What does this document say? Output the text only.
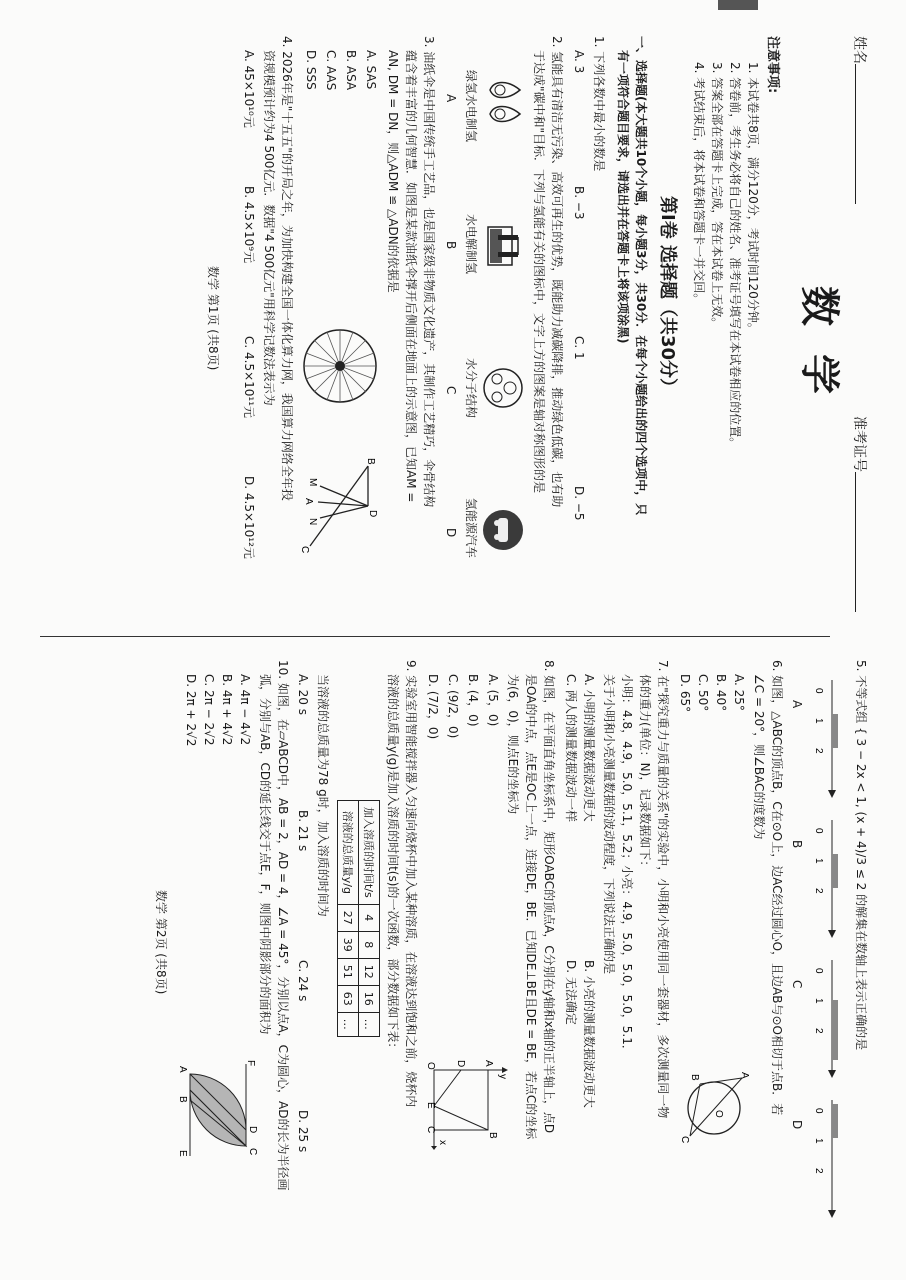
姓名
准考证号
数学
注意事项:
1. 本试卷共8页，满分120分，考试时间120分钟。
2. 答卷前，考生务必将自己的姓名、准考证号填写在本试卷相应的位置。
3. 答案全部在答题卡上完成，答在本试卷上无效。
4. 考试结束后，将本试卷和答题卡一并交回。
第Ⅰ卷 选择题（共30分）
一、选择题(本大题共10个小题，每小题3分，共30分．在每个小题给出的四个选项中，只
有一项符合题目要求，请选出并在答题卡上将该项涂黑)
1. 下列各数中最小的数是
A. 3
B. −3
C. 1
D. −5
2. 氢能具有清洁无污染、高效可再生的优势，既能助力减碳降排，推动绿色低碳，也有助
于达成"碳中和"目标．下列与氢能有关的图标中，文字上方的图案是轴对称图形的是
绿氢水电制氢
水电解制氢
水分子结构
氢能源汽车
A
B
C
D
3. 油纸伞是中国传统手工艺品，也是国家级非物质文化遗产，其制作工艺精巧，伞骨结构
蕴含着丰富的几何智慧．如图是某款油纸伞撑开后侧面在地面上的示意图，已知AM =
AN, DM = DN，则△ADM ≌ △ADN的依据是
A. SAS
B. ASA
C. AAS
D. SSS
B
D
C
M
A
N
4. 2026年是"十五五"的开局之年，为加快构建全国一体化算力网，我国算力网络全年投
资规模预计约为4 500亿元．数据"4 500亿元"用科学记数法表示为
A. 45×10¹⁰元
B. 4.5×10⁹元
C. 4.5×10¹¹元
D. 4.5×10¹²元
数学 第1页 (共8页)
5. 不等式组 { 3 − 2x < 1, (x + 4)/3 ≤ 2 的解集在数轴上表示正确的是
0
1
2
0
1
2
0
1
2
0
1
2
A
B
C
D
6. 如图，△ABC的顶点B，C在⊙O上，边AC经过圆心O，且边AB与⊙O相切于点B．若
∠C = 20°，则∠BAC的度数为
A. 25°
B. 40°
C. 50°
D. 65°
A
O
B
C
7. 在"探究重力与质量的关系"的实验中，小明和小亮使用同一套器材，多次测量同一物
体的重力(单位：N)，记录数据如下：
小明：4.8，4.9，5.0，5.1，5.2；小亮：4.9，5.0，5.0，5.0，5.1．
关于小明和小亮测量数据的波动程度，下列说法正确的是
A. 小明的测量数据波动更大
B. 小亮的测量数据波动更大
C. 两人的测量数据波动一样
D. 无法确定
8. 如图，在平面直角坐标系中，矩形OABC的顶点A，C分别在y轴和x轴的正半轴上，点D
是OA的中点，点E是OC上一点，连接DE，BE．已知DE⊥BE且DE = BE，若点C的坐标
为(6，0)，则点E的坐标为
A. (5，0)
B. (4，0)
C. (9/2，0)
D. (7/2，0)
y
A
B
D
O
E
C
x
9. 实验室用智能搅拌器入匀速向烧杯中加入某种溶质，在溶液达到饱和之前，烧杯内
溶液的总质量y(g)是加入溶质的时间t(s)的一次函数，部分数据如下表：
加入溶质的时间t/s	4	8	12	16	…
溶液的总质量y/g	27	39	51	63	…
当溶液的总质量为78 g时，加入溶质的时间为
A. 20 s
B. 21 s
C. 24 s
D. 25 s
10. 如图，在▱ABCD中，AB = 2，AD = 4，∠A = 45°，分别以点A，C为圆心，AD的长为半径画
弧，分别与AB，CD的延长线交于点E，F，则图中阴影部分的面积为
A. 4π − 4√2
B. 4π + 4√2
C. 2π − 2√2
D. 2π + 2√2
F
D
C
A
B
E
数学 第2页 (共8页)
